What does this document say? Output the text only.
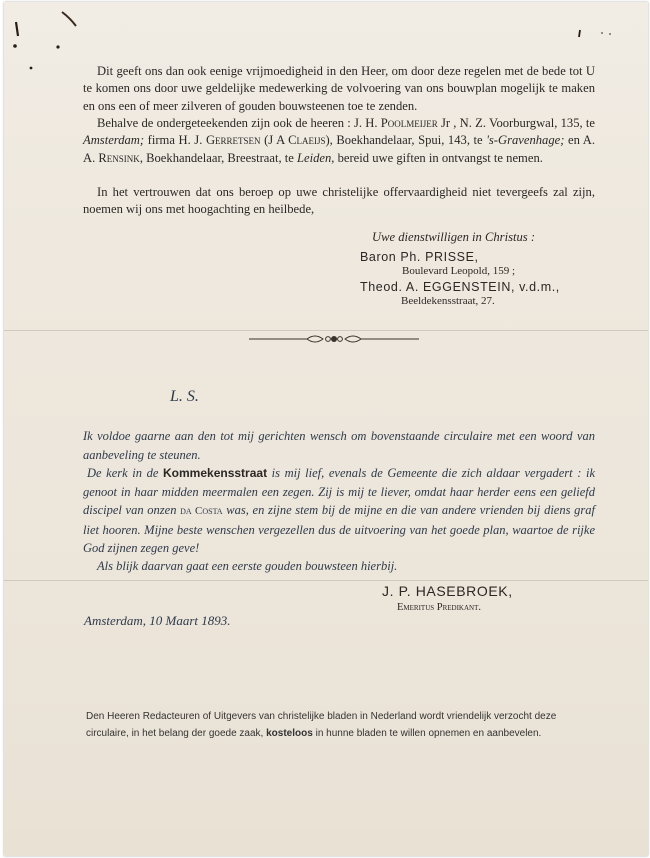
Dit geeft ons dan ook eenige vrijmoedigheid in den Heer, om door deze regelen met de bede tot U te komen ons door uwe geldelijke medewerking de volvoering van ons bouwplan mogelijk te maken en ons een of meer zilveren of gouden bouwsteenen toe te zenden.

Behalve de ondergeteekenden zijn ook de heeren : J. H. Poolmeijer Jr , N. Z. Voorburgwal, 135, te Amsterdam; firma H. J. Gerretsen (J A Claeijs), Boekhandelaar, Spui, 143, te 's-Gravenhage; en A. A. Rensink, Boekhandelaar, Breestraat, te Leiden, bereid uwe giften in ontvangst te nemen.

In het vertrouwen dat ons beroep op uwe christelijke offervaardigheid niet tevergeefs zal zijn, noemen wij ons met hoogachting en heilbede,

Uwe dienstwilligen in Christus :
Baron Ph. PRISSE,
Boulevard Leopold, 159 ;
Theod. A. EGGENSTEIN, v.d.m.,
Beeldekensstraat, 27.
L. S.

Ik voldoe gaarne aan den tot mij gerichten wensch om bovenstaande circulaire met een woord van aanbeveling te steunen.

De kerk in de Kommekensstraat is mij lief, evenals de Gemeente die zich aldaar vergadert : ik genoot in haar midden meermalen een zegen. Zij is mij te liever, omdat haar herder eens een geliefd discipel van onzen da Costa was, en zijne stem bij de mijne en die van andere vrienden bij diens graf liet hooren. Mijne beste wenschen vergezellen dus de uitvoering van het goede plan, waartoe de rijke God zijnen zegen geve!

Als blijk daarvan gaat een eerste gouden bouwsteen hierbij.

J. P. HASEBROEK,
Emeritus Predikant.
Amsterdam, 10 Maart 1893.

Den Heeren Redacteuren of Uitgevers van christelijke bladen in Nederland wordt vriendelijk verzocht deze circulaire, in het belang der goede zaak, kosteloos in hunne bladen te willen opnemen en aanbevelen.
